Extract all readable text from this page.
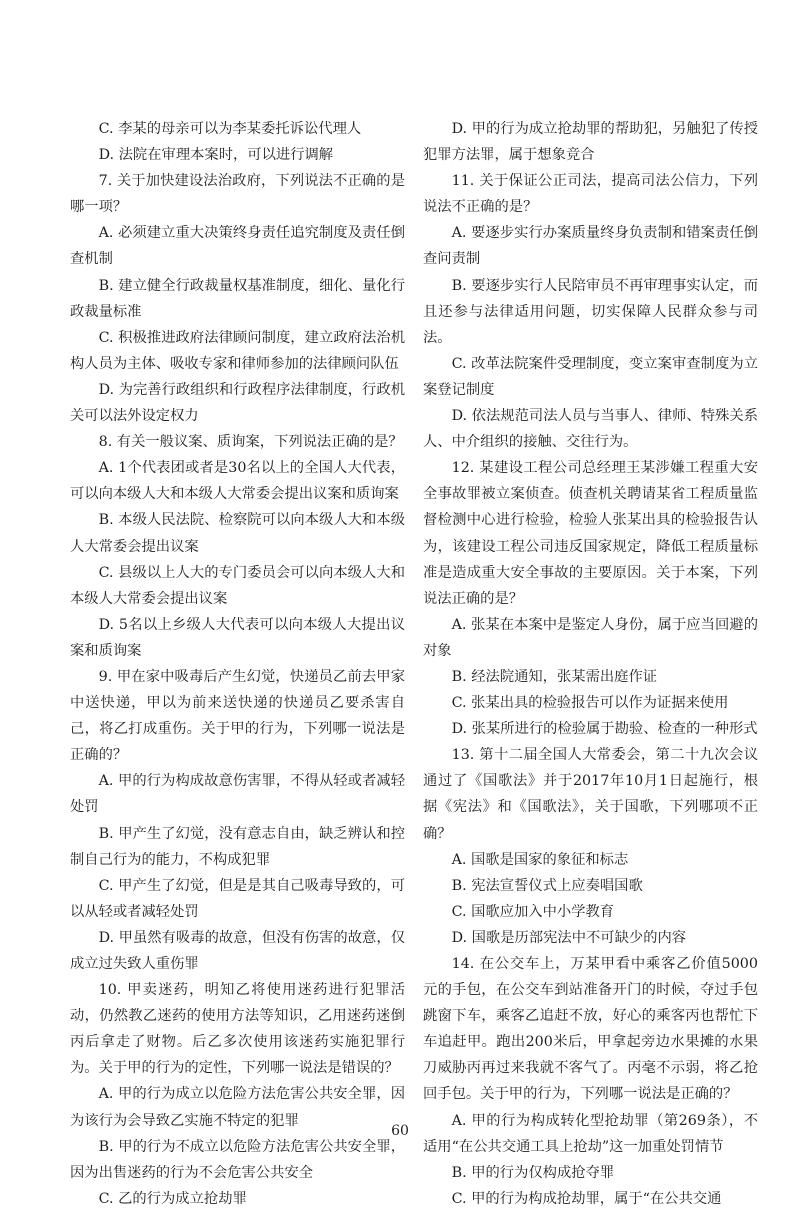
C. 李某的母亲可以为李某委托诉讼代理人

D. 法院在审理本案时，可以进行调解

7. 关于加快建设法治政府，下列说法不正确的是哪一项？

A. 必须建立重大决策终身责任追究制度及责任倒查机制

B. 建立健全行政裁量权基准制度，细化、量化行政裁量标准

C. 积极推进政府法律顾问制度，建立政府法治机构人员为主体、吸收专家和律师参加的法律顾问队伍

D. 为完善行政组织和行政程序法律制度，行政机关可以法外设定权力

8. 有关一般议案、质询案，下列说法正确的是？

A. 1个代表团或者是30名以上的全国人大代表，可以向本级人大和本级人大常委会提出议案和质询案

B. 本级人民法院、检察院可以向本级人大和本级人大常委会提出议案

C. 县级以上人大的专门委员会可以向本级人大和本级人大常委会提出议案

D. 5名以上乡级人大代表可以向本级人大提出议案和质询案

9. 甲在家中吸毒后产生幻觉，快递员乙前去甲家中送快递，甲以为前来送快递的快递员乙要杀害自己，将乙打成重伤。关于甲的行为，下列哪一说法是正确的？

A. 甲的行为构成故意伤害罪，不得从轻或者减轻处罚

B. 甲产生了幻觉，没有意志自由，缺乏辨认和控制自己行为的能力，不构成犯罪

C. 甲产生了幻觉，但是是其自己吸毒导致的，可以从轻或者减轻处罚

D. 甲虽然有吸毒的故意，但没有伤害的故意，仅成立过失致人重伤罪

10. 甲卖迷药，明知乙将使用迷药进行犯罪活动，仍然教乙迷药的使用方法等知识，乙用迷药迷倒丙后拿走了财物。后乙多次使用该迷药实施犯罪行为。关于甲的行为的定性，下列哪一说法是错误的？

A. 甲的行为成立以危险方法危害公共安全罪，因为该行为会导致乙实施不特定的犯罪

B. 甲的行为不成立以危险方法危害公共安全罪，因为出售迷药的行为不会危害公共安全

C. 乙的行为成立抢劫罪

D. 甲的行为成立抢劫罪的帮助犯，另触犯了传授犯罪方法罪，属于想象竞合

11. 关于保证公正司法，提高司法公信力，下列说法不正确的是？

A. 要逐步实行办案质量终身负责制和错案责任倒查问责制

B. 要逐步实行人民陪审员不再审理事实认定，而且还参与法律适用问题，切实保障人民群众参与司法。

C. 改革法院案件受理制度，变立案审查制度为立案登记制度

D. 依法规范司法人员与当事人、律师、特殊关系人、中介组织的接触、交往行为。

12. 某建设工程公司总经理王某涉嫌工程重大安全事故罪被立案侦查。侦查机关聘请某省工程质量监督检测中心进行检验，检验人张某出具的检验报告认为，该建设工程公司违反国家规定，降低工程质量标准是造成重大安全事故的主要原因。关于本案，下列说法正确的是？

A. 张某在本案中是鉴定人身份，属于应当回避的对象

B. 经法院通知，张某需出庭作证

C. 张某出具的检验报告可以作为证据来使用

D. 张某所进行的检验属于勘验、检查的一种形式

13. 第十二届全国人大常委会，第二十九次会议通过了《国歌法》并于2017年10月1日起施行，根据《宪法》和《国歌法》，关于国歌，下列哪项不正确？

A. 国歌是国家的象征和标志

B. 宪法宣誓仪式上应奏唱国歌

C. 国歌应加入中小学教育

D. 国歌是历部宪法中不可缺少的内容

14. 在公交车上，万某甲看中乘客乙价值5000元的手包，在公交车到站准备开门的时候，夺过手包跳窗下车，乘客乙追赶不放，好心的乘客丙也帮忙下车追赶甲。跑出200米后，甲拿起旁边水果摊的水果刀威胁丙再过来我就不客气了。丙毫不示弱，将乙抢回手包。关于甲的行为，下列哪一说法是正确的？

A. 甲的行为构成转化型抢劫罪（第269条），不适用“在公共交通工具上抢劫”这一加重处罚情节

B. 甲的行为仅构成抢夺罪

C. 甲的行为构成抢劫罪，属于“在公共交通

60
